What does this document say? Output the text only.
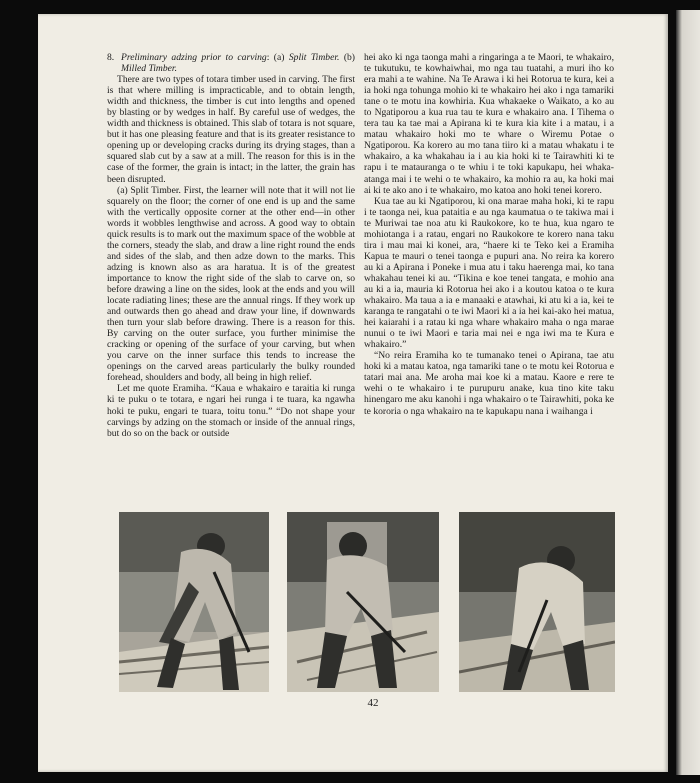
8. Preliminary adzing prior to carving: (a) Split Timber. (b) Milled Timber.

There are two types of totara timber used in carving. The first is that where milling is impracticable, and to obtain length, width and thickness, the timber is cut into lengths and opened by blasting or by wedges in half. By careful use of wedges, the width and thickness is obtained. This slab of totara is not square, but it has one pleasing feature and that is its greater resistance to opening up or developing cracks during its drying stages, than a squared slab cut by a saw at a mill. The reason for this is in the case of the former, the grain is intact; in the latter, the grain has been disrupted.

(a) Split Timber. First, the learner will note that it will not lie squarely on the floor; the corner of one end is up and the same with the vertically opposite corner at the other end—in other words it wobbles lengthwise and across. A good way to obtain quick results is to mark out the maximum space of the wobble at the corners, steady the slab, and draw a line right round the ends and sides of the slab, and then adze down to the marks. This adzing is known also as ara haratua. It is of the greatest importance to know the right side of the slab to carve on, so before drawing a line on the sides, look at the ends and you will locate radiating lines; these are the annual rings. If they work up and outwards then go ahead and draw your line, if downwards then turn your slab before drawing. There is a reason for this. By carving on the outer surface, you further minimise the cracking or opening of the surface of your carving, but when you carve on the inner surface this tends to increase the openings on the carved areas particularly the bulky rounded forehead, shoulders and body, all being in high relief.

Let me quote Eramiha. “Kaua e whakairo e taraitia ki runga ki te puku o te totara, e ngari hei runga i te tuara, ka ngawha hoki te puku, engari te tuara, toitu tonu.” “Do not shape your carvings by adzing on the stomach or inside of the annual rings, but do so on the back or outside

hei ako ki nga taonga mahi a ringaringa a te Maori, te whakairo, te tukutuku, te kowhaiwhai, mo nga tau tuatahi, a muri iho ko era mahi a te wahine. Na Te Arawa i ki hei Rotorua te kura, kei a ia hoki nga tohunga mohio ki te whakairo hei ako i nga tamariki tane o te motu ina kowhiria. Kua whakaeke o Waikato, a ko au to Ngatiporou a kua rua tau te kura e whakairo ana. I Tihema o tera tau ka tae mai a Apirana ki te kura kia kite i a matau, i a matau whakairo hoki mo te whare o Wiremu Potae o Ngatiporou. Ka korero au mo tana tiiro ki a matau whakatu i te whakairo, a ka whakahau ia i au kia hoki ki te Tairawhiti ki te rapu i te matauranga o te whiu i te toki kapukapu, hei whaka-atanga mai i te wehi o te whakairo, ka mohio ra au, ka hoki mai ai ki te ako ano i te whakairo, mo katoa ano hoki tenei korero.

Kua tae au ki Ngatiporou, ki ona marae maha hoki, ki te rapu i te taonga nei, kua pataitia e au nga kaumatua o te takiwa mai i te Muriwai tae noa atu ki Raukokore, ko te hua, kua ngaro te mohiotanga i a ratau, engari no Raukokore te korero nana taku tira i mau mai ki konei, ara, “haere ki te Teko kei a Eramiha Kapua te mauri o tenei taonga e pupuri ana. No reira ka korero au ki a Apirana i Poneke i mua atu i taku haerenga mai, ko tana whakahau tenei ki au. “Tikina e koe tenei tangata, e mohio ana au ki a ia, mauria ki Rotorua hei ako i a koutou katoa o te kura whakairo. Ma taua a ia e manaaki e atawhai, ki atu ki a ia, kei te karanga te rangatahi o te iwi Maori ki a ia hei kai-ako hei matua, hei kaiarahi i a ratau ki nga whare whakairo maha o nga marae nunui o te iwi Maori e taria mai nei e nga iwi ma te Kura e whakairo.”

“No reira Eramiha ko te tumanako tenei o Apirana, tae atu hoki ki a matau katoa, nga tamariki tane o te motu kei Rotorua e tatari mai ana. Me aroha mai koe ki a matau. Kaore e rere te wehi o te whakairo i te purupuru anake, kua tino kite taku hinengaro me aku kanohi i nga whakairo o te Tairawhiti, poka ke te kororia o nga whakairo na te kapukapu nana i waihanga i

42
